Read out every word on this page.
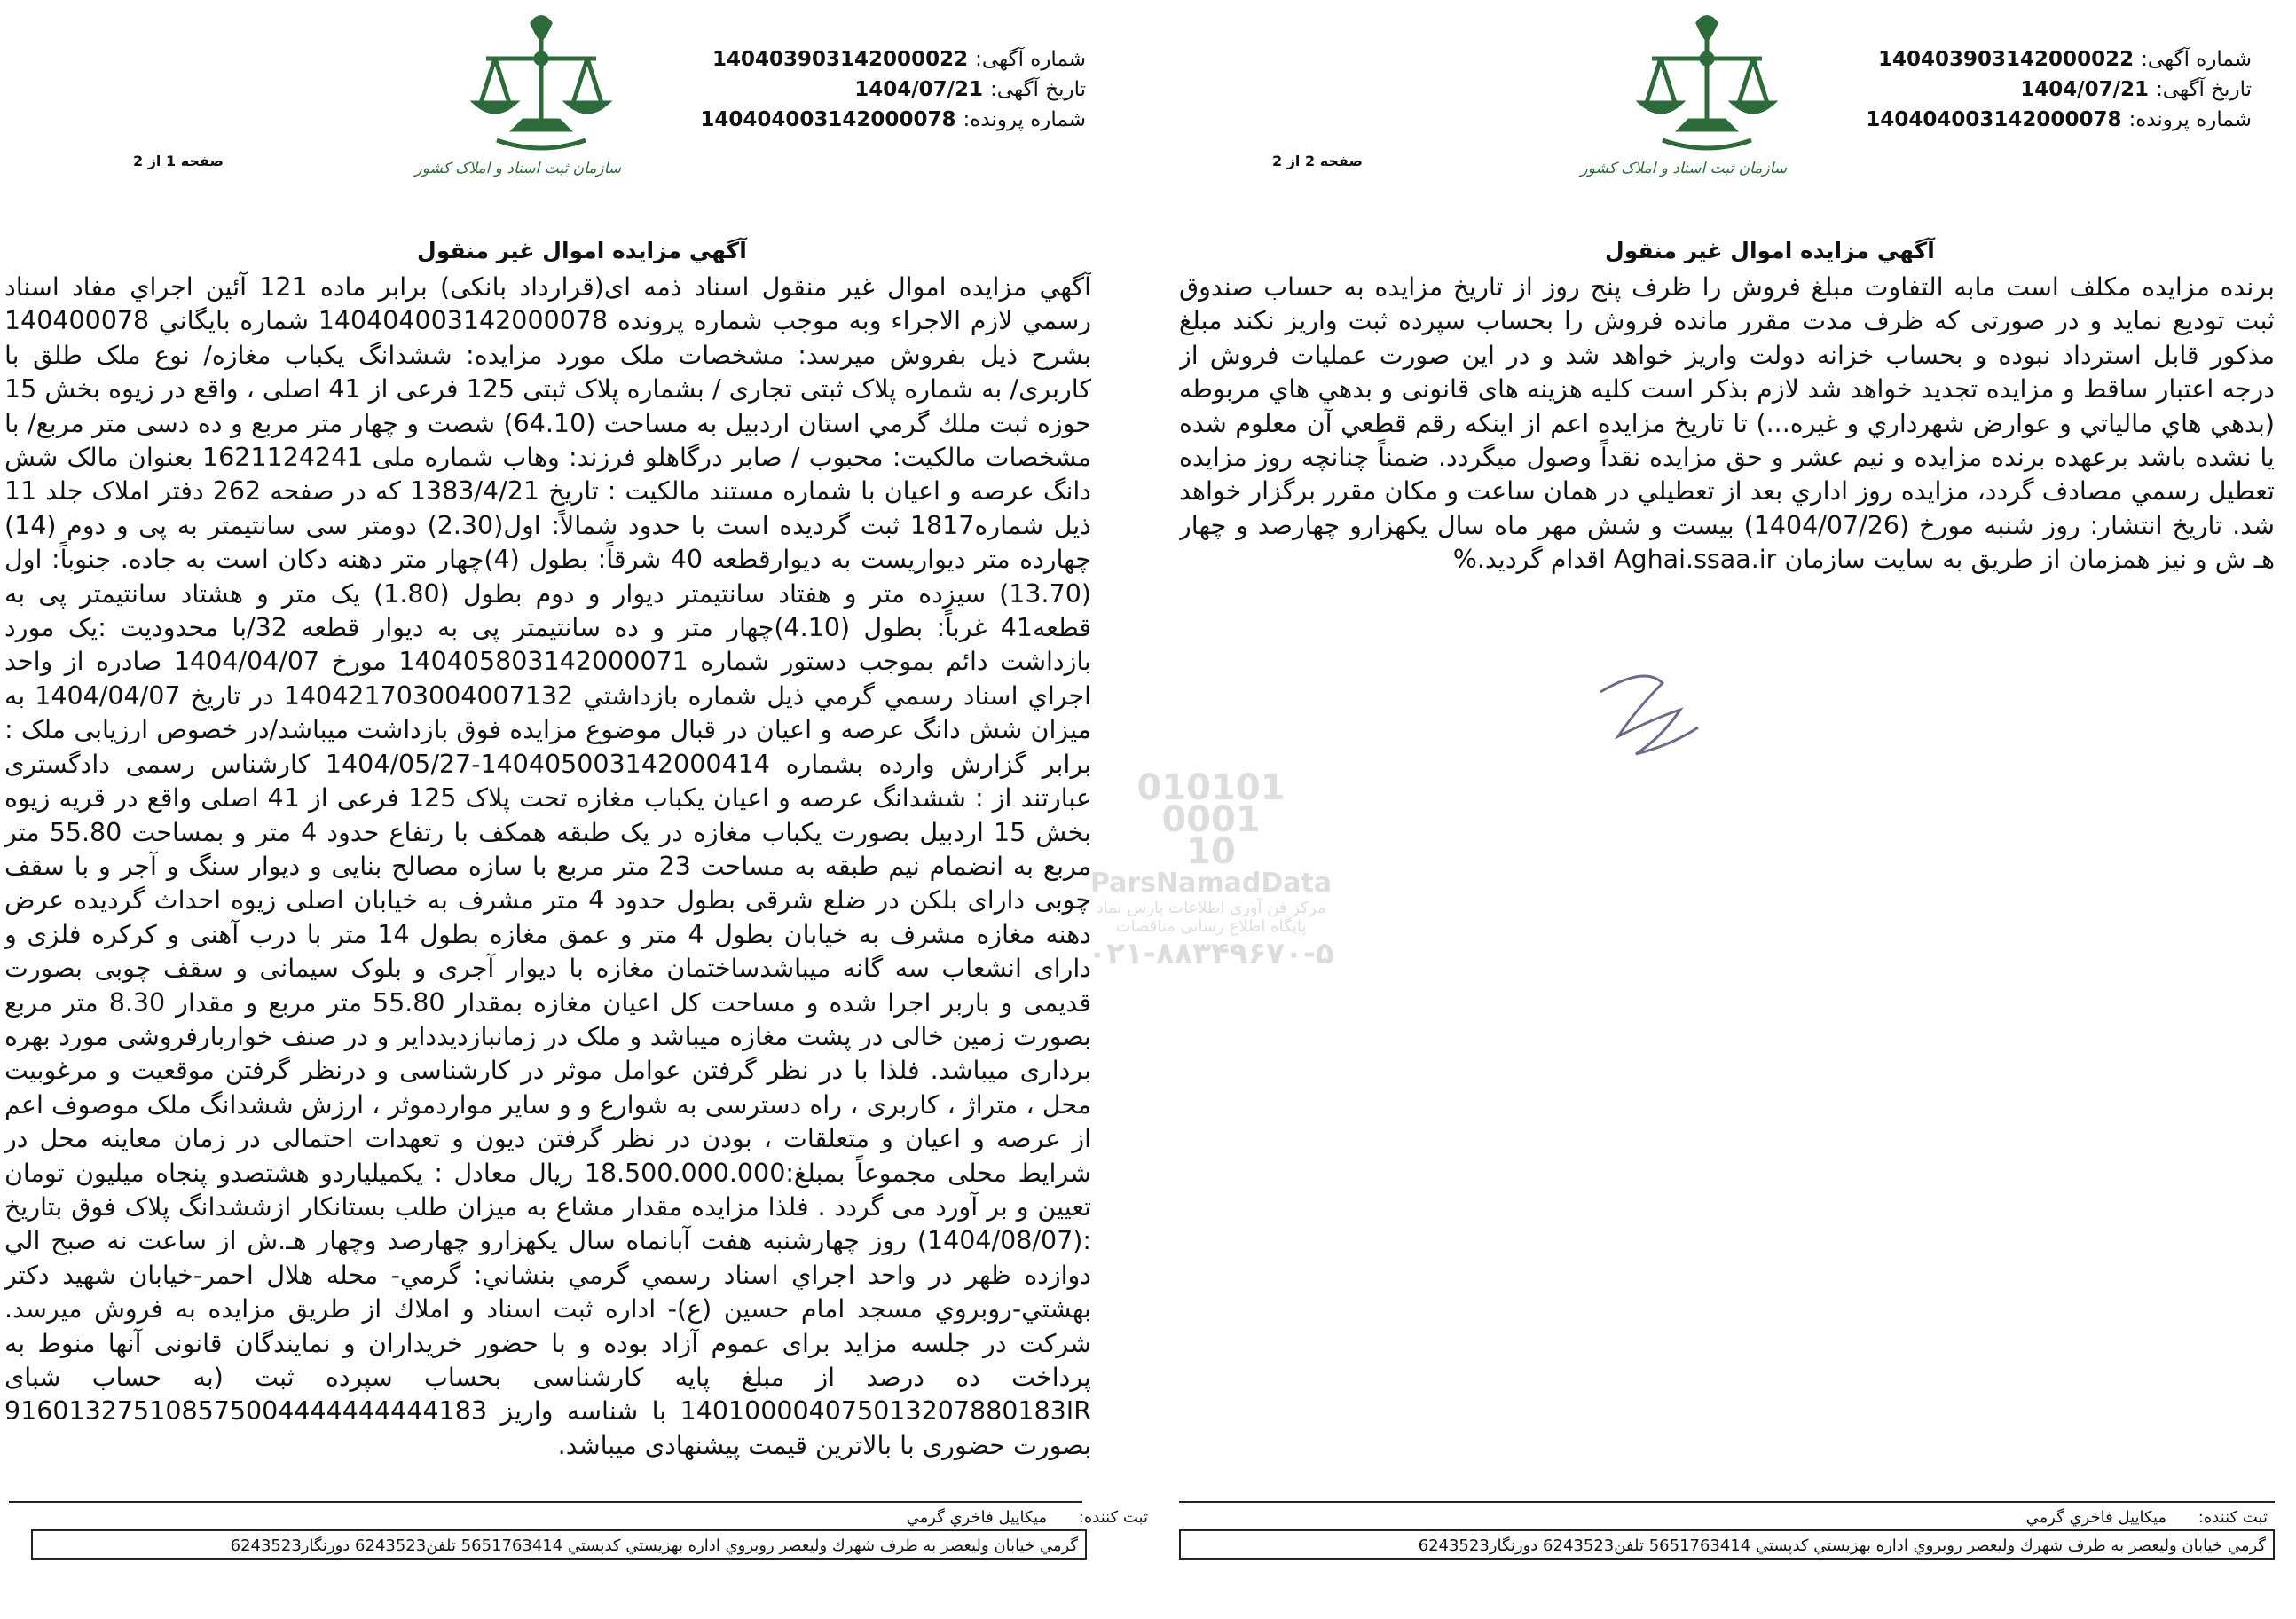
شماره آگهی: 140403903142000022
تاریخ آگهی: 1404/07/21
شماره پرونده: 140404003142000078
سازمان ثبت اسناد و املاک کشور
صفحه 1 از 2
آگهي مزايده اموال غير منقول

آگهي مزايده اموال غير منقول اسناد ذمه ای(قرارداد بانکی) برابر ماده 121 آئين اجراي مفاد اسناد رسمي لازم الاجراء وبه موجب شماره پرونده 140404003142000078 شماره بايگاني 140400078 بشرح ذيل بفروش ميرسد: مشخصات ملک مورد مزايده: ششدانگ یکباب مغازه/ نوع ملک طلق با کاربری/ به شماره پلاک ثبتی تجاری / بشماره پلاک ثبتی 125 فرعی از 41 اصلی ، واقع در زیوه بخش 15 حوزه ثبت ملك گرمي استان اردبيل به مساحت (64.10) شصت و چهار متر مربع و ده دسی متر مربع/ با مشخصات مالکیت: محبوب / صابر درگاهلو فرزند: وهاب شماره ملی 1621124241 بعنوان مالک شش دانگ عرصه و اعیان با شماره مستند مالکیت : تاریخ 1383/4/21 که در صفحه 262 دفتر املاک جلد 11 ذیل شماره1817 ثبت گردیده است با حدود شمالاً: اول(2.30) دومتر سی سانتیمتر به پی و دوم (14) چهارده متر دیواریست به دیوارقطعه 40 شرقاً: بطول (4)چهار متر دهنه دکان است به جاده. جنوباً: اول (13.70) سیزده متر و هفتاد سانتیمتر دیوار و دوم بطول (1.80) یک متر و هشتاد سانتیمتر پی به قطعه41 غرباً: بطول (4.10)چهار متر و ده سانتیمتر پی به دیوار قطعه 32/با محدوديت :یک مورد بازداشت دائم بموجب دستور شماره 140405803142000071 مورخ 1404/04/07 صادره از واحد اجراي اسناد رسمي گرمي ذيل شماره بازداشتي 140421703004007132 در تاريخ 1404/04/07 به ميزان شش دانگ عرصه و اعيان در قبال موضوع مزايده فوق بازداشت ميباشد/در خصوص ارزيابی ملک : برابر گزارش وارده بشماره 140405003142000414-1404/05/27 کارشناس رسمی دادگستری عبارتند از : ششدانگ عرصه و اعیان یکباب مغازه تحت پلاک 125 فرعی از 41 اصلی واقع در قریه زیوه بخش 15 اردبیل بصورت یکباب مغازه در یک طبقه همکف با رتفاع حدود 4 متر و بمساحت 55.80 متر مربع به انضمام نیم طبقه به مساحت 23 متر مربع با سازه مصالح بنایی و دیوار سنگ و آجر و با سقف چوبی دارای بلکن در ضلع شرقی بطول حدود 4 متر مشرف به خیابان اصلی زیوه احداث گردیده عرض دهنه مغازه مشرف به خیابان بطول 4 متر و عمق مغازه بطول 14 متر با درب آهنی و کرکره فلزی و دارای انشعاب سه گانه میباشدساختمان مغازه با دیوار آجری و بلوک سیمانی و سقف چوبی بصورت قدیمی و باربر اجرا شده و مساحت کل اعیان مغازه بمقدار 55.80 متر مربع و مقدار 8.30 متر مربع بصورت زمین خالی در پشت مغازه میباشد و ملک در زمانبازدیددایر و در صنف خواربارفروشی مورد بهره برداری میباشد. فلذا با در نظر گرفتن عوامل موثر در کارشناسی و درنظر گرفتن موقعیت و مرغوبیت محل ، متراژ ، کاربری ، راه دسترسی به شوارع و و سایر مواردموثر ، ارزش ششدانگ ملک موصوف اعم از عرصه و اعیان و متعلقات ، بودن در نظر گرفتن دیون و تعهدات احتمالی در زمان معاینه محل در شرایط محلی مجموعاً بمبلغ:18.500.000.000 ريال معادل : یکمیلیاردو هشتصدو پنجاه میلیون تومان تعیین و بر آورد می گردد . فلذا مزایده مقدار مشاع به میزان طلب بستانکار ازششدانگ پلاک فوق بتاريخ :(1404/08/07) روز چهارشنبه هفت آبانماه سال یکهزارو چهارصد وچهار هـ.ش از ساعت نه صبح الي دوازده ظهر در واحد اجراي اسناد رسمي گرمي بنشاني: گرمي- محله هلال احمر-خيابان شهيد دکتر بهشتي-روبروي مسجد امام حسين (ع)- اداره ثبت اسناد و املاك از طريق مزايده به فروش ميرسد. شرکت در جلسه مزايد برای عموم آزاد بوده و با حضور خريداران و نمايندگان قانونی آنها منوط به پرداخت ده درصد از مبلغ پايه کارشناسی بحساب سپرده ثبت (به حساب شبای 140100004075013207880183IR با شناسه واریز 916013275108575004444444444183 بصورت حضوری با بالاترین قیمت پیشنهادی میباشد.

ثبت کننده: میکاییل فاخري گرمي
گرمي خيابان وليعصر به طرف شهرك وليعصر روبروي اداره بهزيستي كدپستي 5651763414 تلفن6243523 دورنگار6243523
شماره آگهی: 140403903142000022
تاریخ آگهی: 1404/07/21
شماره پرونده: 140404003142000078
سازمان ثبت اسناد و املاک کشور
صفحه 2 از 2
آگهي مزايده اموال غير منقول

برنده مزايده مکلف است مابه التفاوت مبلغ فروش را ظرف پنج روز از تاريخ مزايده به حساب صندوق ثبت توديع نمايد و در صورتی که ظرف مدت مقرر مانده فروش را بحساب سپرده ثبت واريز نکند مبلغ مذکور قابل استرداد نبوده و بحساب خزانه دولت واريز خواهد شد و در اين صورت عمليات فروش از درجه اعتبار ساقط و مزايده تجديد خواهد شد لازم بذکر است کليه هزينه های قانونی و بدهي هاي مربوطه (بدهي هاي مالياتي و عوارض شهرداري و غيره...) تا تاريخ مزايده اعم از اينکه رقم قطعي آن معلوم شده يا نشده باشد برعهده برنده مزايده و نيم عشر و حق مزايده نقداً وصول ميگردد. ضمناً چنانچه روز مزايده تعطيل رسمي مصادف گردد، مزايده روز اداري بعد از تعطيلي در همان ساعت و مکان مقرر برگزار خواهد شد. تاريخ انتشار: روز شنبه مورخ (1404/07/26) بيست و شش مهر ماه سال يکهزارو چهارصد و چهار هـ ش و نيز همزمان از طريق به سايت سازمان Aghai.ssaa.ir اقدام گرديد.%

ثبت کننده: میکاییل فاخري گرمي
گرمي خيابان وليعصر به طرف شهرك وليعصر روبروي اداره بهزيستي كدپستي 5651763414 تلفن6243523 دورنگار6243523
010101
0001
10
ParsNamadData
مرکز فن آوری اطلاعات پارس نماد
پایگاه اطلاع رسانی مناقصات
۰۲۱-۸۸۳۴۹۶۷۰-۵
